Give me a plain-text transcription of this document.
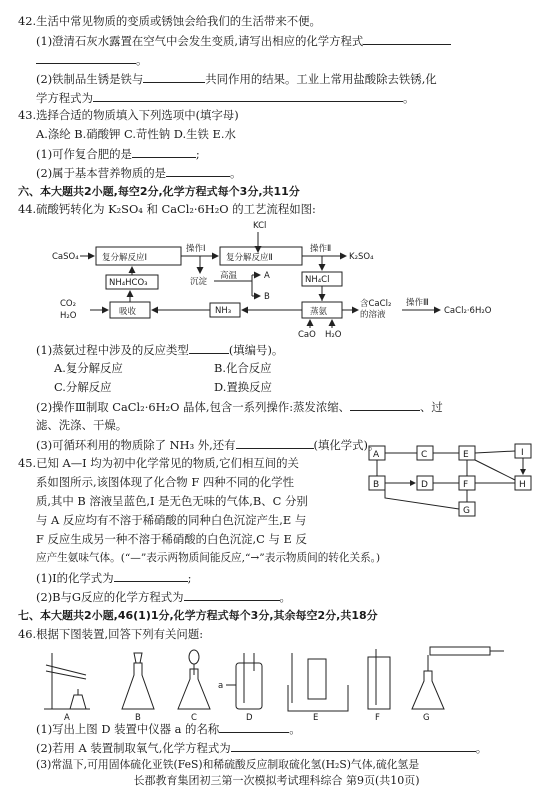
42.生活中常见物质的变质或锈蚀会给我们的生活带来不便。
(1)澄清石灰水露置在空气中会发生变质,请写出相应的化学方程式
。
(2)铁制品生锈是铁与	共同作用的结果。工业上常用盐酸除去铁锈,化
学方程式为	。
43.选择合适的物质填入下列选项中(填字母)
A.涤纶 B.硝酸钾 C.苛性钠 D.生铁 E.水
(1)可作复合肥的是	;
(2)属于基本营养物质的是	。
六、本大题共2小题,每空2分,化学方程式每个3分,共11分
44.硫酸钙转化为 K₂SO₄ 和 CaCl₂·6H₂O 的工艺流程如图:
KCl
CaSO₄	复分解反应Ⅰ
操作Ⅰ
复分解反应Ⅱ
操作Ⅱ
K₂SO₄
NH₄HCO₃	沉淀
高温	A
B
NH₄Cl
CO₂
H₂O	吸收	NH₃	蒸氨
含CaCl₂
的溶液
操作Ⅲ
CaCl₂·6H₂O
CaO H₂O
(1)蒸氨过程中涉及的反应类型	(填编号)。
A.复分解反应	B.化合反应
C.分解反应	D.置换反应
(2)操作Ⅲ制取 CaCl₂·6H₂O 晶体,包含一系列操作:蒸发浓缩、	、过
滤、洗涤、干燥。
(3)可循环利用的物质除了 NH₃ 外,还有	(填化学式)。
45.已知 A—I 均为初中化学常见的物质,它们相互间的关
系如图所示,该图体现了化合物 F 四种不同的化学性
质,其中 B 溶液呈蓝色,I 是无色无味的气体,B、C 分别
与 A 反应均有不溶于稀硝酸的同种白色沉淀产生,E 与
F 反应生成另一种不溶于稀硝酸的白色沉淀,C 与 E 反
应产生氨味气体。(“—”表示两物质间能反应,“→”表示物质间的转化关系。)
A	C	E	I
B	D	F	H
G
(1)I的化学式为	;
(2)B与G反应的化学方程式为	。
七、本大题共2小题,46(1)1分,化学方程式每个3分,其余每空2分,共18分
46.根据下图装置,回答下列有关问题:
A	B	C	D	E	F	G
a
(1)写出上图 D 装置中仪器 a 的名称	。
(2)若用 A 装置制取氧气,化学方程式为	。
(3)常温下,可用固体硫化亚铁(FeS)和稀硫酸反应制取硫化氢(H₂S)气体,硫化氢是
长郡教育集团初三第一次模拟考试理科综合 第9页(共10页)
